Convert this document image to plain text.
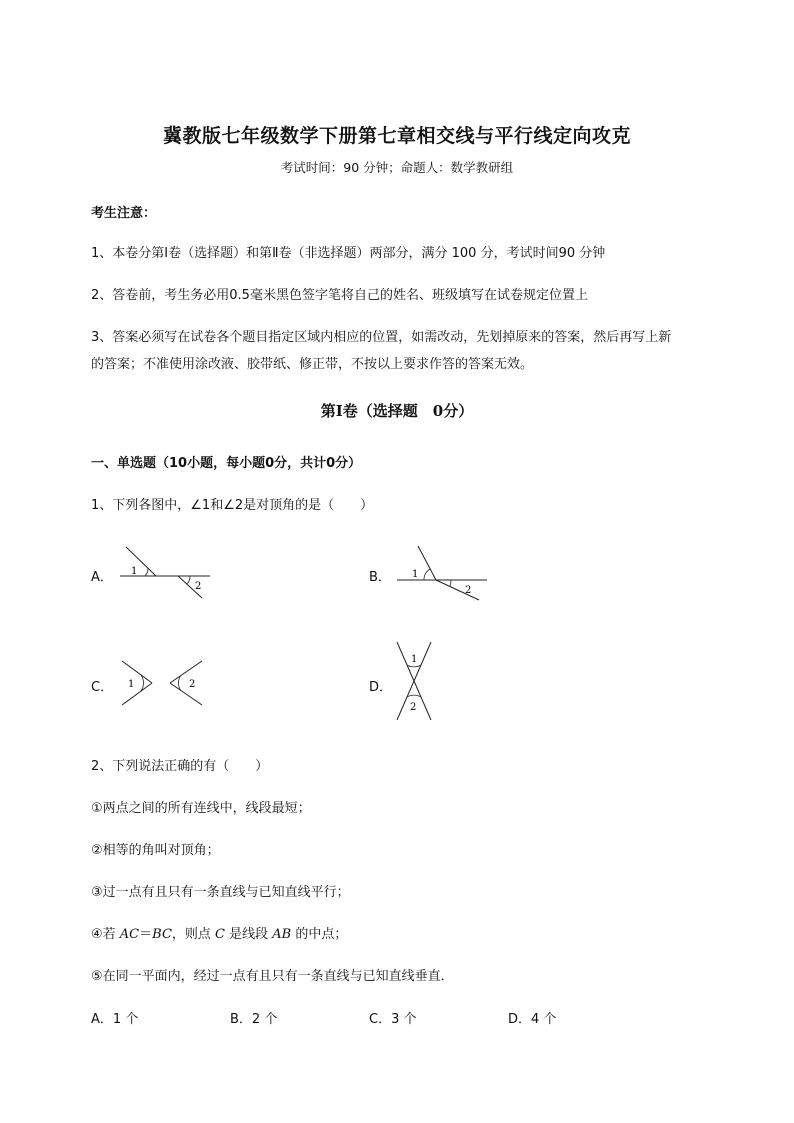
冀教版七年级数学下册第七章相交线与平行线定向攻克
考试时间：90 分钟；命题人：数学教研组
考生注意：
1、本卷分第Ⅰ卷（选择题）和第Ⅱ卷（非选择题）两部分，满分 100 分，考试时间90 分钟
2、答卷前，考生务必用0.5毫米黑色签字笔将自己的姓名、班级填写在试卷规定位置上
3、答案必须写在试卷各个题目指定区域内相应的位置，如需改动，先划掉原来的答案，然后再写上新
的答案；不准使用涂改液、胶带纸、修正带，不按以上要求作答的答案无效。
第Ⅰ卷（选择题　0分）
一、单选题（10小题，每小题0分，共计0分）
1、下列各图中，∠1和∠2是对顶角的是（　　）
A． 1
2
B． 1
2
C． 1	2	D．
1
2
2、下列说法正确的有（　　）
①两点之间的所有连线中，线段最短；
②相等的角叫对顶角；
③过一点有且只有一条直线与已知直线平行；
④若 AC＝BC，则点 C 是线段 AB 的中点；
⑤在同一平面内，经过一点有且只有一条直线与已知直线垂直．
A．1 个	B．2 个	C．3 个	D．4 个
